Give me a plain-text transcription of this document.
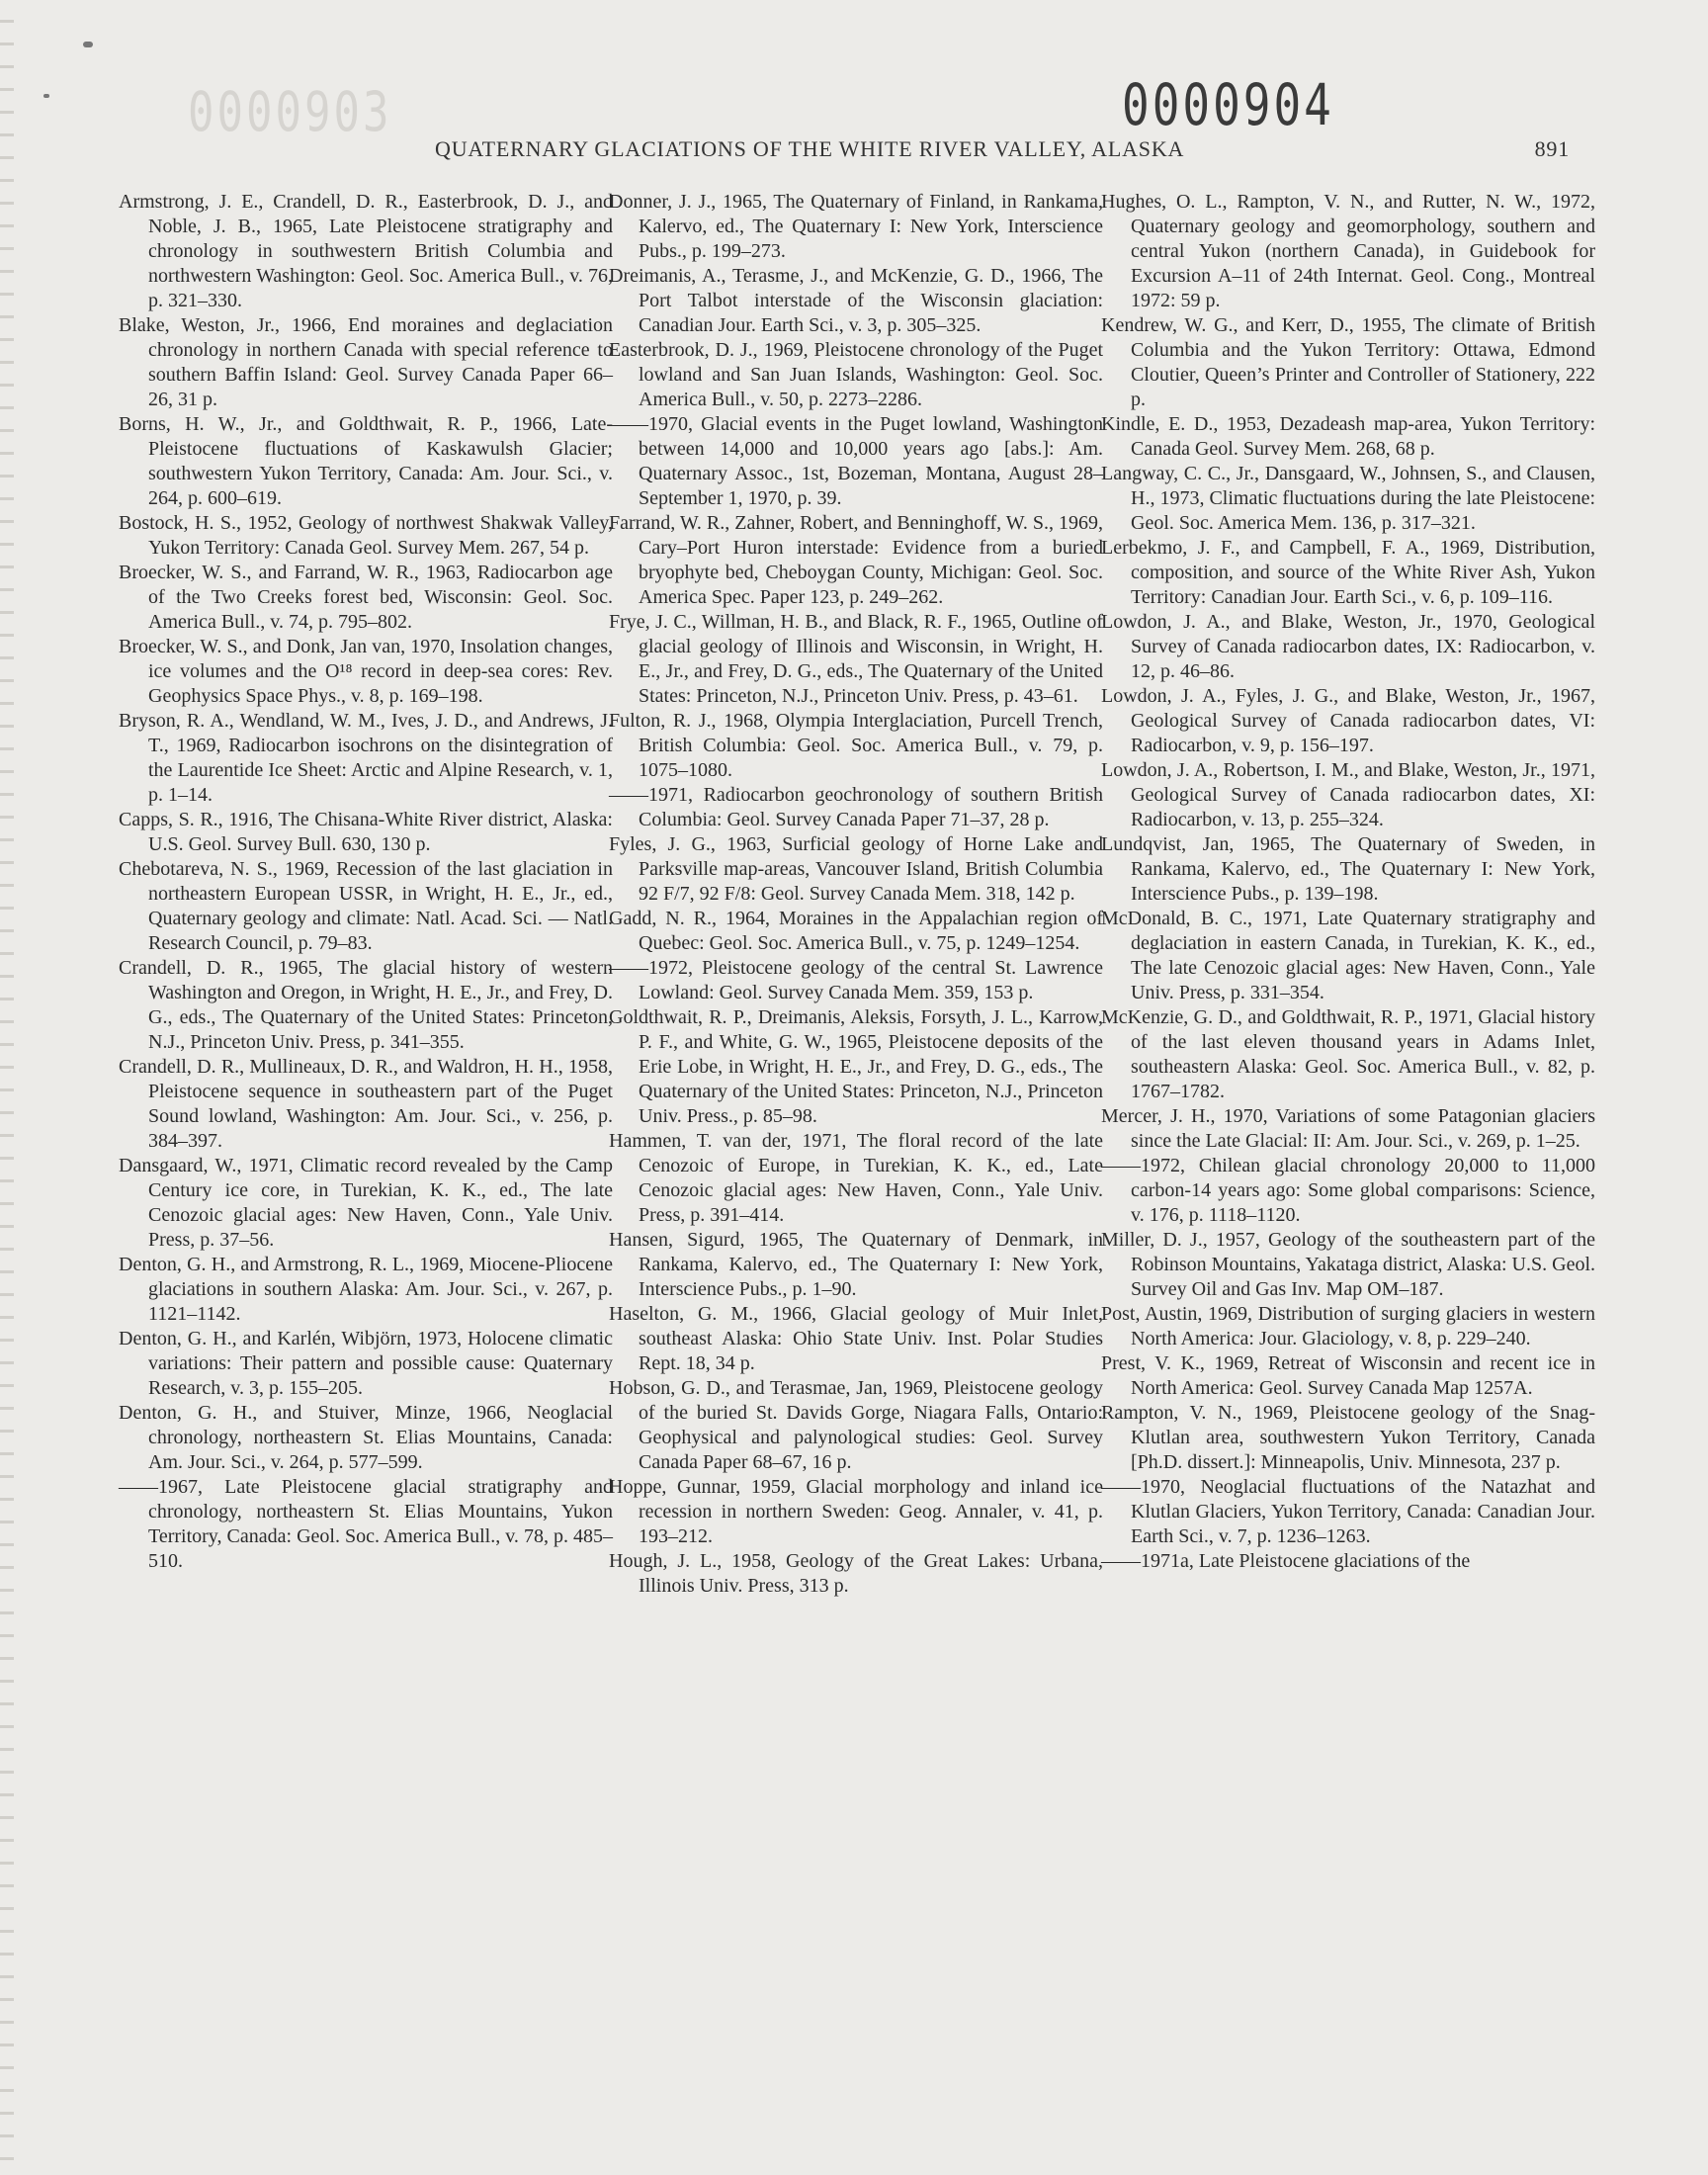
0000903	0000904
QUATERNARY GLACIATIONS OF THE WHITE RIVER VALLEY, ALASKA	891

Armstrong, J. E., Crandell, D. R., Easterbrook, D. J., and Noble, J. B., 1965, Late Pleistocene stratigraphy and chronology in southwestern British Columbia and northwestern Washington: Geol. Soc. America Bull., v. 76, p. 321–330.

Blake, Weston, Jr., 1966, End moraines and deglaciation chronology in northern Canada with special reference to southern Baffin Island: Geol. Survey Canada Paper 66–26, 31 p.

Borns, H. W., Jr., and Goldthwait, R. P., 1966, Late-Pleistocene fluctuations of Kaskawulsh Glacier; southwestern Yukon Territory, Canada: Am. Jour. Sci., v. 264, p. 600–619.

Bostock, H. S., 1952, Geology of northwest Shakwak Valley, Yukon Territory: Canada Geol. Survey Mem. 267, 54 p.

Broecker, W. S., and Farrand, W. R., 1963, Radiocarbon age of the Two Creeks forest bed, Wisconsin: Geol. Soc. America Bull., v. 74, p. 795–802.

Broecker, W. S., and Donk, Jan van, 1970, Insolation changes, ice volumes and the O¹⁸ record in deep-sea cores: Rev. Geophysics Space Phys., v. 8, p. 169–198.

Bryson, R. A., Wendland, W. M., Ives, J. D., and Andrews, J. T., 1969, Radiocarbon isochrons on the disintegration of the Laurentide Ice Sheet: Arctic and Alpine Research, v. 1, p. 1–14.

Capps, S. R., 1916, The Chisana-White River district, Alaska: U.S. Geol. Survey Bull. 630, 130 p.

Chebotareva, N. S., 1969, Recession of the last glaciation in northeastern European USSR, in Wright, H. E., Jr., ed., Quaternary geology and climate: Natl. Acad. Sci. — Natl. Research Council, p. 79–83.

Crandell, D. R., 1965, The glacial history of western Washington and Oregon, in Wright, H. E., Jr., and Frey, D. G., eds., The Quaternary of the United States: Princeton, N.J., Princeton Univ. Press, p. 341–355.

Crandell, D. R., Mullineaux, D. R., and Waldron, H. H., 1958, Pleistocene sequence in southeastern part of the Puget Sound lowland, Washington: Am. Jour. Sci., v. 256, p. 384–397.

Dansgaard, W., 1971, Climatic record revealed by the Camp Century ice core, in Turekian, K. K., ed., The late Cenozoic glacial ages: New Haven, Conn., Yale Univ. Press, p. 37–56.

Denton, G. H., and Armstrong, R. L., 1969, Miocene-Pliocene glaciations in southern Alaska: Am. Jour. Sci., v. 267, p. 1121–1142.

Denton, G. H., and Karlén, Wibjörn, 1973, Holocene climatic variations: Their pattern and possible cause: Quaternary Research, v. 3, p. 155–205.

Denton, G. H., and Stuiver, Minze, 1966, Neoglacial chronology, northeastern St. Elias Mountains, Canada: Am. Jour. Sci., v. 264, p. 577–599.

——1967, Late Pleistocene glacial stratigraphy and chronology, northeastern St. Elias Mountains, Yukon Territory, Canada: Geol. Soc. America Bull., v. 78, p. 485–510.

Donner, J. J., 1965, The Quaternary of Finland, in Rankama, Kalervo, ed., The Quaternary I: New York, Interscience Pubs., p. 199–273.

Dreimanis, A., Terasme, J., and McKenzie, G. D., 1966, The Port Talbot interstade of the Wisconsin glaciation: Canadian Jour. Earth Sci., v. 3, p. 305–325.

Easterbrook, D. J., 1969, Pleistocene chronology of the Puget lowland and San Juan Islands, Washington: Geol. Soc. America Bull., v. 50, p. 2273–2286.

——1970, Glacial events in the Puget lowland, Washington between 14,000 and 10,000 years ago [abs.]: Am. Quaternary Assoc., 1st, Bozeman, Montana, August 28–September 1, 1970, p. 39.

Farrand, W. R., Zahner, Robert, and Benninghoff, W. S., 1969, Cary–Port Huron interstade: Evidence from a buried bryophyte bed, Cheboygan County, Michigan: Geol. Soc. America Spec. Paper 123, p. 249–262.

Frye, J. C., Willman, H. B., and Black, R. F., 1965, Outline of glacial geology of Illinois and Wisconsin, in Wright, H. E., Jr., and Frey, D. G., eds., The Quaternary of the United States: Princeton, N.J., Princeton Univ. Press, p. 43–61.

Fulton, R. J., 1968, Olympia Interglaciation, Purcell Trench, British Columbia: Geol. Soc. America Bull., v. 79, p. 1075–1080.

——1971, Radiocarbon geochronology of southern British Columbia: Geol. Survey Canada Paper 71–37, 28 p.

Fyles, J. G., 1963, Surficial geology of Horne Lake and Parksville map-areas, Vancouver Island, British Columbia 92 F/7, 92 F/8: Geol. Survey Canada Mem. 318, 142 p.

Gadd, N. R., 1964, Moraines in the Appalachian region of Quebec: Geol. Soc. America Bull., v. 75, p. 1249–1254.

——1972, Pleistocene geology of the central St. Lawrence Lowland: Geol. Survey Canada Mem. 359, 153 p.

Goldthwait, R. P., Dreimanis, Aleksis, Forsyth, J. L., Karrow, P. F., and White, G. W., 1965, Pleistocene deposits of the Erie Lobe, in Wright, H. E., Jr., and Frey, D. G., eds., The Quaternary of the United States: Princeton, N.J., Princeton Univ. Press., p. 85–98.

Hammen, T. van der, 1971, The floral record of the late Cenozoic of Europe, in Turekian, K. K., ed., Late Cenozoic glacial ages: New Haven, Conn., Yale Univ. Press, p. 391–414.

Hansen, Sigurd, 1965, The Quaternary of Denmark, in Rankama, Kalervo, ed., The Quaternary I: New York, Interscience Pubs., p. 1–90.

Haselton, G. M., 1966, Glacial geology of Muir Inlet, southeast Alaska: Ohio State Univ. Inst. Polar Studies Rept. 18, 34 p.

Hobson, G. D., and Terasmae, Jan, 1969, Pleistocene geology of the buried St. Davids Gorge, Niagara Falls, Ontario: Geophysical and palynological studies: Geol. Survey Canada Paper 68–67, 16 p.

Hoppe, Gunnar, 1959, Glacial morphology and inland ice recession in northern Sweden: Geog. Annaler, v. 41, p. 193–212.

Hough, J. L., 1958, Geology of the Great Lakes: Urbana, Illinois Univ. Press, 313 p.

Hughes, O. L., Rampton, V. N., and Rutter, N. W., 1972, Quaternary geology and geomorphology, southern and central Yukon (northern Canada), in Guidebook for Excursion A–11 of 24th Internat. Geol. Cong., Montreal 1972: 59 p.

Kendrew, W. G., and Kerr, D., 1955, The climate of British Columbia and the Yukon Territory: Ottawa, Edmond Cloutier, Queen’s Printer and Controller of Stationery, 222 p.

Kindle, E. D., 1953, Dezadeash map-area, Yukon Territory: Canada Geol. Survey Mem. 268, 68 p.

Langway, C. C., Jr., Dansgaard, W., Johnsen, S., and Clausen, H., 1973, Climatic fluctuations during the late Pleistocene: Geol. Soc. America Mem. 136, p. 317–321.

Lerbekmo, J. F., and Campbell, F. A., 1969, Distribution, composition, and source of the White River Ash, Yukon Territory: Canadian Jour. Earth Sci., v. 6, p. 109–116.

Lowdon, J. A., and Blake, Weston, Jr., 1970, Geological Survey of Canada radiocarbon dates, IX: Radiocarbon, v. 12, p. 46–86.

Lowdon, J. A., Fyles, J. G., and Blake, Weston, Jr., 1967, Geological Survey of Canada radiocarbon dates, VI: Radiocarbon, v. 9, p. 156–197.

Lowdon, J. A., Robertson, I. M., and Blake, Weston, Jr., 1971, Geological Survey of Canada radiocarbon dates, XI: Radiocarbon, v. 13, p. 255–324.

Lundqvist, Jan, 1965, The Quaternary of Sweden, in Rankama, Kalervo, ed., The Quaternary I: New York, Interscience Pubs., p. 139–198.

McDonald, B. C., 1971, Late Quaternary stratigraphy and deglaciation in eastern Canada, in Turekian, K. K., ed., The late Cenozoic glacial ages: New Haven, Conn., Yale Univ. Press, p. 331–354.

McKenzie, G. D., and Goldthwait, R. P., 1971, Glacial history of the last eleven thousand years in Adams Inlet, southeastern Alaska: Geol. Soc. America Bull., v. 82, p. 1767–1782.

Mercer, J. H., 1970, Variations of some Patagonian glaciers since the Late Glacial: II: Am. Jour. Sci., v. 269, p. 1–25.

——1972, Chilean glacial chronology 20,000 to 11,000 carbon-14 years ago: Some global comparisons: Science, v. 176, p. 1118–1120.

Miller, D. J., 1957, Geology of the southeastern part of the Robinson Mountains, Yakataga district, Alaska: U.S. Geol. Survey Oil and Gas Inv. Map OM–187.

Post, Austin, 1969, Distribution of surging glaciers in western North America: Jour. Glaciology, v. 8, p. 229–240.

Prest, V. K., 1969, Retreat of Wisconsin and recent ice in North America: Geol. Survey Canada Map 1257A.

Rampton, V. N., 1969, Pleistocene geology of the Snag-Klutlan area, southwestern Yukon Territory, Canada [Ph.D. dissert.]: Minneapolis, Univ. Minnesota, 237 p.

——1970, Neoglacial fluctuations of the Natazhat and Klutlan Glaciers, Yukon Territory, Canada: Canadian Jour. Earth Sci., v. 7, p. 1236–1263.

——1971a, Late Pleistocene glaciations of the
